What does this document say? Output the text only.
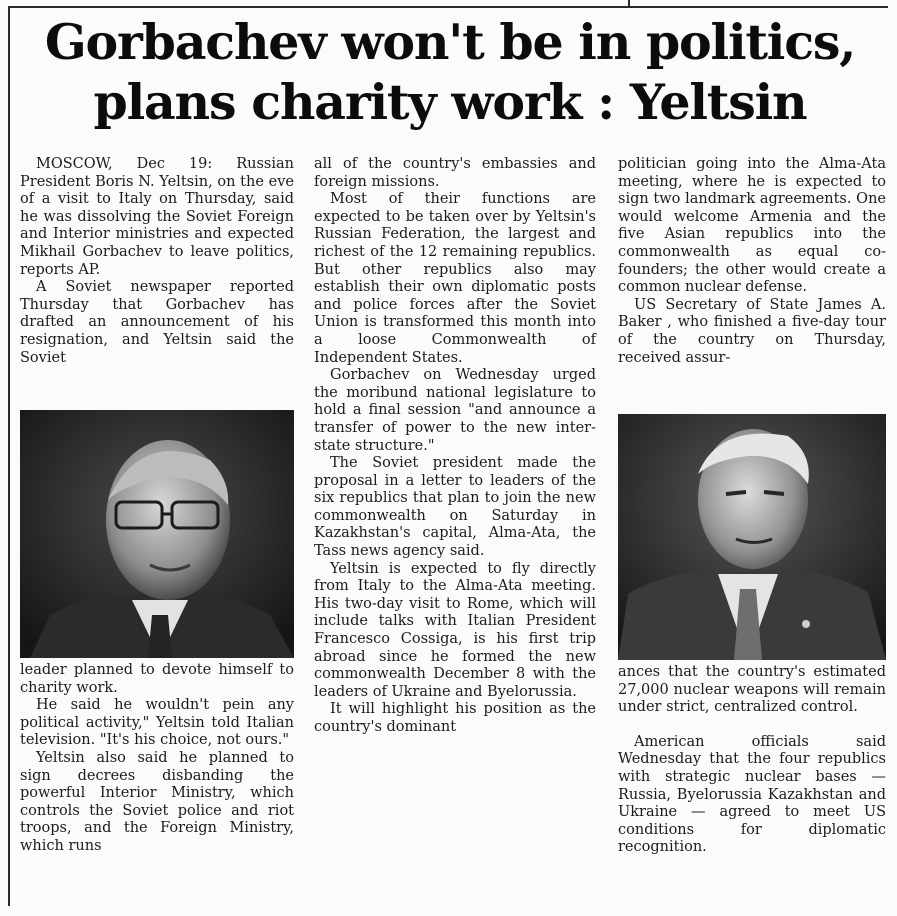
Gorbachev won't be in politics,
plans charity work : Yeltsin

MOSCOW, Dec 19: Russian President Boris N. Yeltsin, on the eve of a visit to Italy on Thursday, said he was dissolving the Soviet Foreign and Interior ministries and expected Mikhail Gorbachev to leave politics, reports AP.

A Soviet newspaper reported Thursday that Gorbachev has drafted an announcement of his resignation, and Yeltsin said the Soviet

leader planned to devote himself to charity work.

He said he wouldn't pein any political activity," Yeltsin told Italian television. "It's his choice, not ours."

Yeltsin also said he planned to sign decrees disbanding the powerful Interior Ministry, which controls the Soviet police and riot troops, and the Foreign Ministry, which runs

all of the country's embassies and foreign missions.

Most of their functions are expected to be taken over by Yeltsin's Russian Federation, the largest and richest of the 12 remaining republics. But other republics also may establish their own diplomatic posts and police forces after the Soviet Union is transformed this month into a loose Commonwealth of Independent States.

Gorbachev on Wednesday urged the moribund national legislature to hold a final session "and announce a transfer of power to the new inter-state structure."

The Soviet president made the proposal in a letter to leaders of the six republics that plan to join the new commonwealth on Saturday in Kazakhstan's capital, Alma-Ata, the Tass news agency said.

Yeltsin is expected to fly directly from Italy to the Alma-Ata meeting. His two-day visit to Rome, which will include talks with Italian President Francesco Cossiga, is his first trip abroad since he formed the new commonwealth December 8 with the leaders of Ukraine and Byelorussia.

It will highlight his position as the country's dominant

politician going into the Alma-Ata meeting, where he is expected to sign two landmark agreements. One would welcome Armenia and the five Asian republics into the commonwealth as equal co-founders; the other would create a common nuclear defense.

US Secretary of State James A. Baker , who finished a five-day tour of the country on Thursday, received assur-

ances that the country's estimated 27,000 nuclear weapons will remain under strict, centralized control.

American officials said Wednesday that the four republics with strategic nuclear bases — Russia, Byelorussia Kazakhstan and Ukraine — agreed to meet US conditions for diplomatic recognition.
